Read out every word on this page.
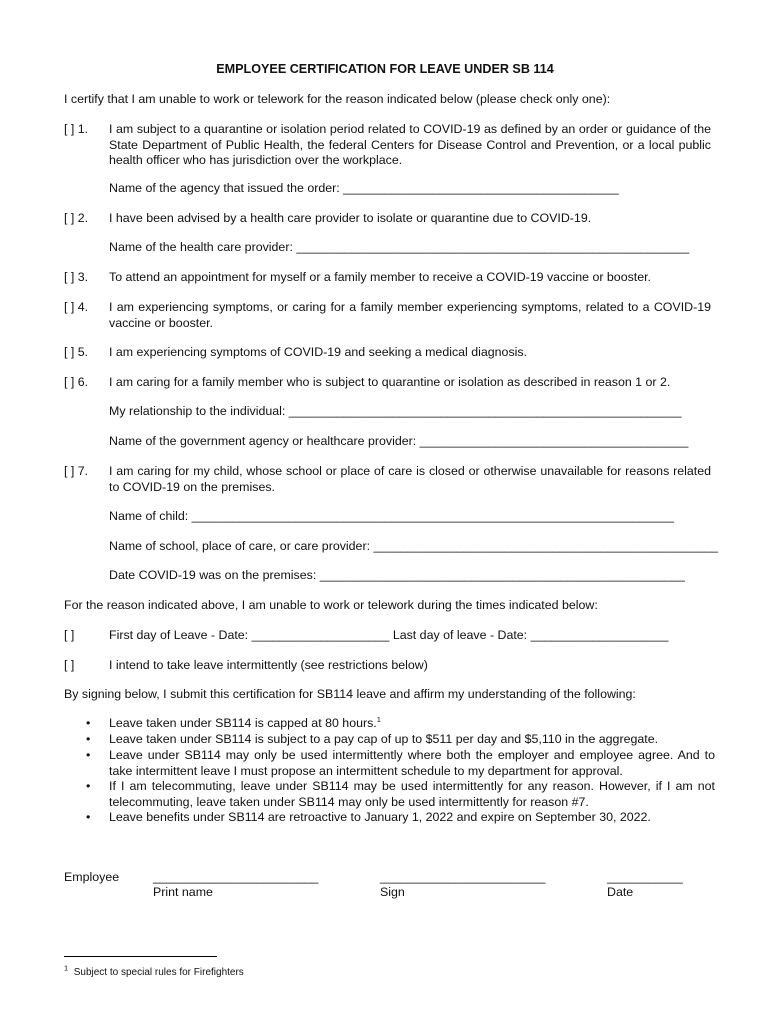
EMPLOYEE CERTIFICATION FOR LEAVE UNDER SB 114
I certify that I am unable to work or telework for the reason indicated below (please check only one):
[ ] 1. I am subject to a quarantine or isolation period related to COVID-19 as defined by an order or guidance of the State Department of Public Health, the federal Centers for Disease Control and Prevention, or a local public health officer who has jurisdiction over the workplace.
Name of the agency that issued the order: ________________________________________
[ ] 2. I have been advised by a health care provider to isolate or quarantine due to COVID-19.
Name of the health care provider: _________________________________________________________
[ ] 3. To attend an appointment for myself or a family member to receive a COVID-19 vaccine or booster.
[ ] 4. I am experiencing symptoms, or caring for a family member experiencing symptoms, related to a COVID-19 vaccine or booster.
[ ] 5. I am experiencing symptoms of COVID-19 and seeking a medical diagnosis.
[ ] 6. I am caring for a family member who is subject to quarantine or isolation as described in reason 1 or 2.
My relationship to the individual: _________________________________________________________
Name of the government agency or healthcare provider: _______________________________________
[ ] 7. I am caring for my child, whose school or place of care is closed or otherwise unavailable for reasons related to COVID-19 on the premises.
Name of child: ______________________________________________________________________
Name of school, place of care, or care provider: __________________________________________________
Date COVID-19 was on the premises: _____________________________________________________
For the reason indicated above, I am unable to work or telework during the times indicated below:
[ ]	First day of Leave - Date: ____________________ Last day of leave - Date: ____________________
[ ]	I intend to take leave intermittently (see restrictions below)
By signing below, I submit this certification for SB114 leave and affirm my understanding of the following:
• Leave taken under SB114 is capped at 80 hours.$^1$
• Leave taken under SB114 is subject to a pay cap of up to $511 per day and $5,110 in the aggregate.
• Leave under SB114 may only be used intermittently where both the employer and employee agree. And to take intermittent leave I must propose an intermittent schedule to my department for approval.
• If I am telecommuting, leave under SB114 may be used intermittently for any reason. However, if I am not telecommuting, leave taken under SB114 may only be used intermittently for reason #7.
• Leave benefits under SB114 are retroactive to January 1, 2022 and expire on September 30, 2022.
Employee	________________________
Print name
________________________
Sign
___________
Date
$^1$ Subject to special rules for Firefighters
